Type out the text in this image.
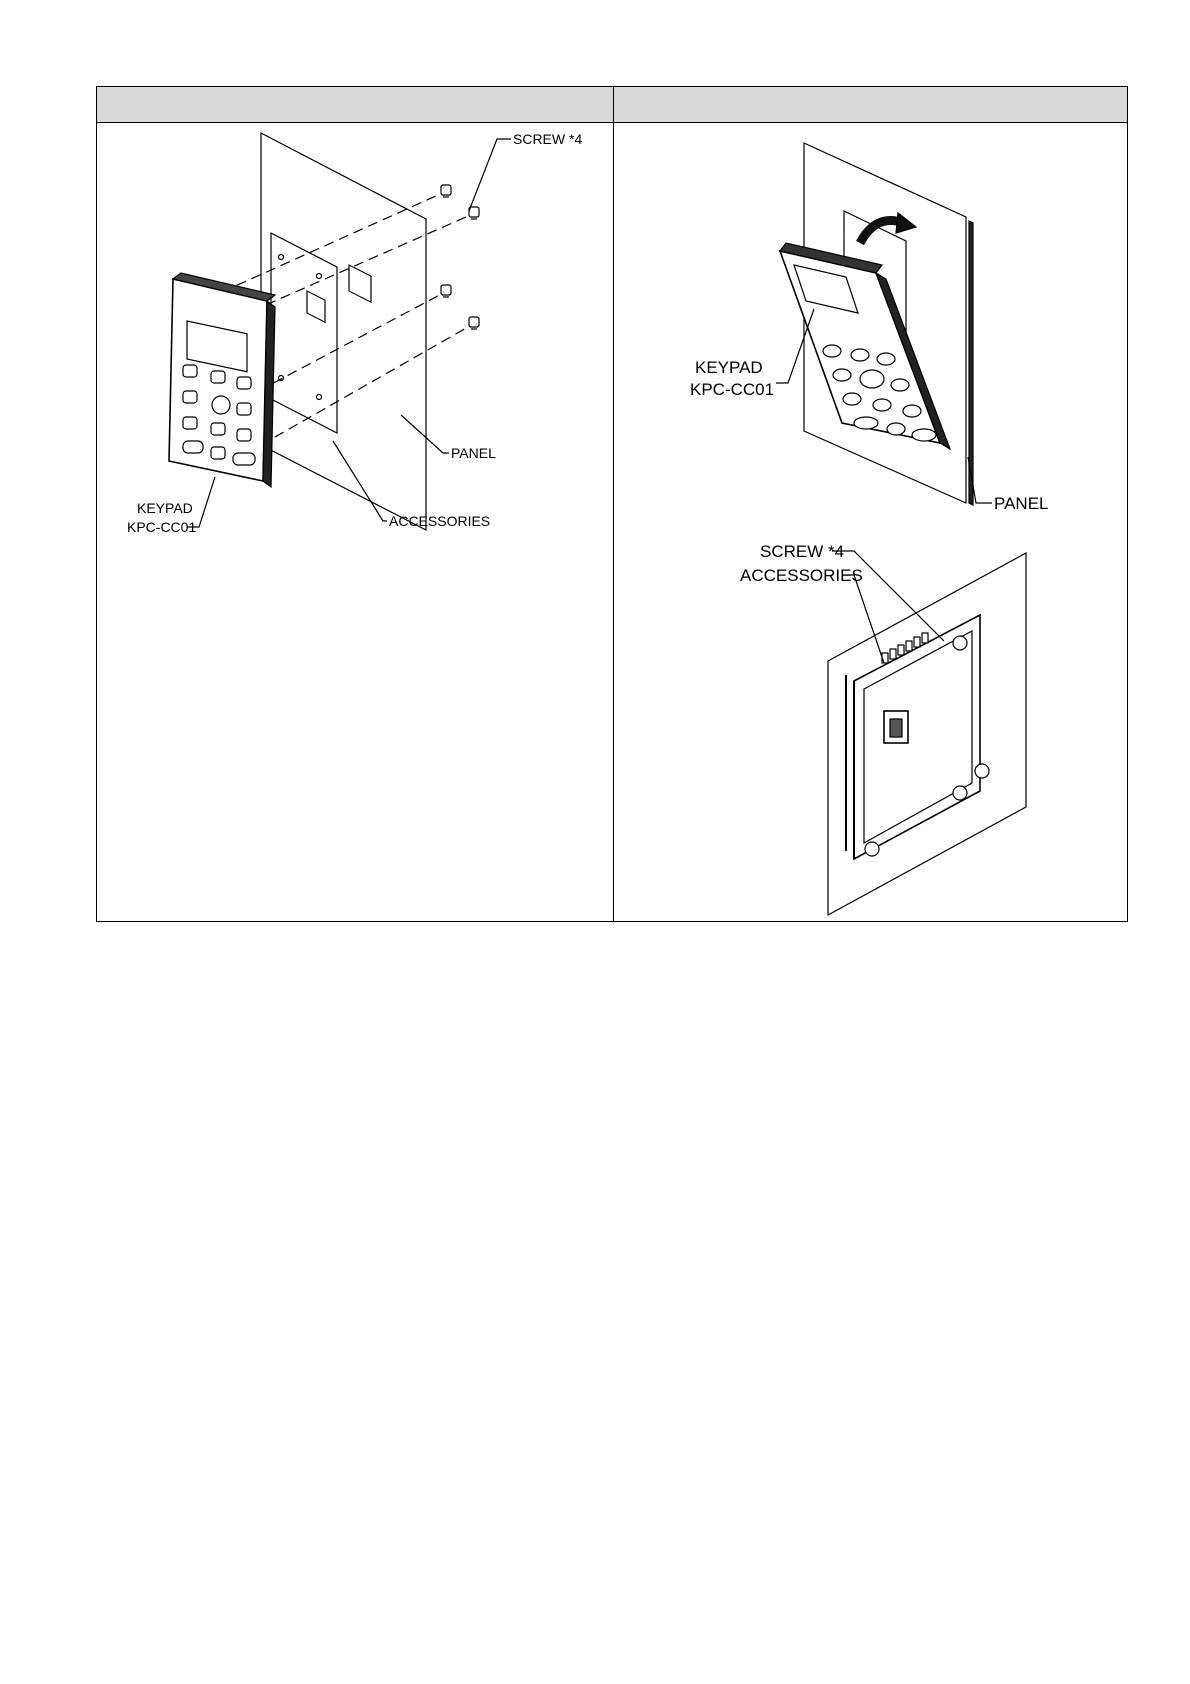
SCREW *4
PANEL
KEYPAD
KPC-CC01	ACCESSORIES
KEYPAD
KPC-CC01
PANEL
SCREW *4
ACCESSORIES
